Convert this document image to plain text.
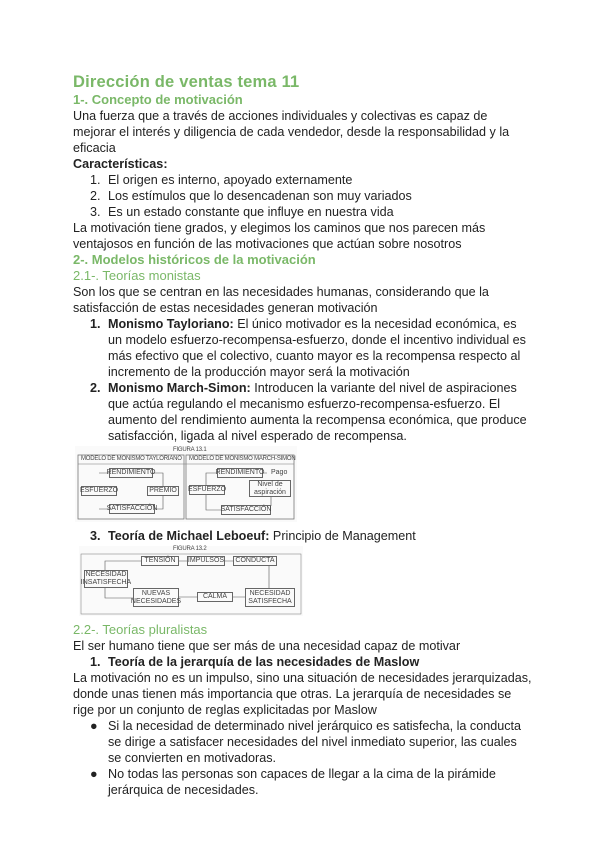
Dirección de ventas tema 11
1-. Concepto de motivación
Una fuerza que a través de acciones individuales y colectivas es capaz de mejorar el interés y diligencia de cada vendedor, desde la responsabilidad y la eficacia
Características:
1. El origen es interno, apoyado externamente
2. Los estímulos que lo desencadenan son muy variados
3. Es un estado constante que influye en nuestra vida
La motivación tiene grados, y elegimos los caminos que nos parecen más ventajosos en función de las motivaciones que actúan sobre nosotros
2-. Modelos históricos de la motivación
2.1-. Teorías monistas
Son los que se centran en las necesidades humanas, considerando que la satisfacción de estas necesidades generan motivación
1. Monismo Tayloriano: El único motivador es la necesidad económica, es un modelo esfuerzo-recompensa-esfuerzo, donde el incentivo individual es más efectivo que el colectivo, cuanto mayor es la recompensa respecto al incremento de la producción mayor será la motivación
2. Monismo March-Simon: Introducen la variante del nivel de aspiraciones que actúa regulando el mecanismo esfuerzo-recompensa-esfuerzo. El aumento del rendimiento aumenta la recompensa económica, que produce satisfacción, ligada al nivel esperado de recompensa.
FIGURA 13.1
MODELO DE MONISMO TAYLORIANO MODELO DE MONISMO MARCH-SIMON
RENDIMIENTO
ESFUERZO	PREMIO
SATISFACCIÓN
RENDIMIENTO Pago
ESFUERZO
Nivel de aspiración
SATISFACCIÓN
3. Teoría de Michael Leboeuf: Principio de Management
FIGURA 13.2
NECESIDAD INSATISFECHA
TENSIÓN	IMPULSOS	CONDUCTA
NECESIDAD SATISFECHA
CALMA
NUEVAS NECESIDADES
2.2-. Teorías pluralistas
El ser humano tiene que ser más de una necesidad capaz de motivar
1. Teoría de la jerarquía de las necesidades de Maslow
La motivación no es un impulso, sino una situación de necesidades jerarquizadas, donde unas tienen más importancia que otras. La jerarquía de necesidades se rige por un conjunto de reglas explicitadas por Maslow
● Si la necesidad de determinado nivel jerárquico es satisfecha, la conducta se dirige a satisfacer necesidades del nivel inmediato superior, las cuales se convierten en motivadoras.
● No todas las personas son capaces de llegar a la cima de la pirámide jerárquica de necesidades.
